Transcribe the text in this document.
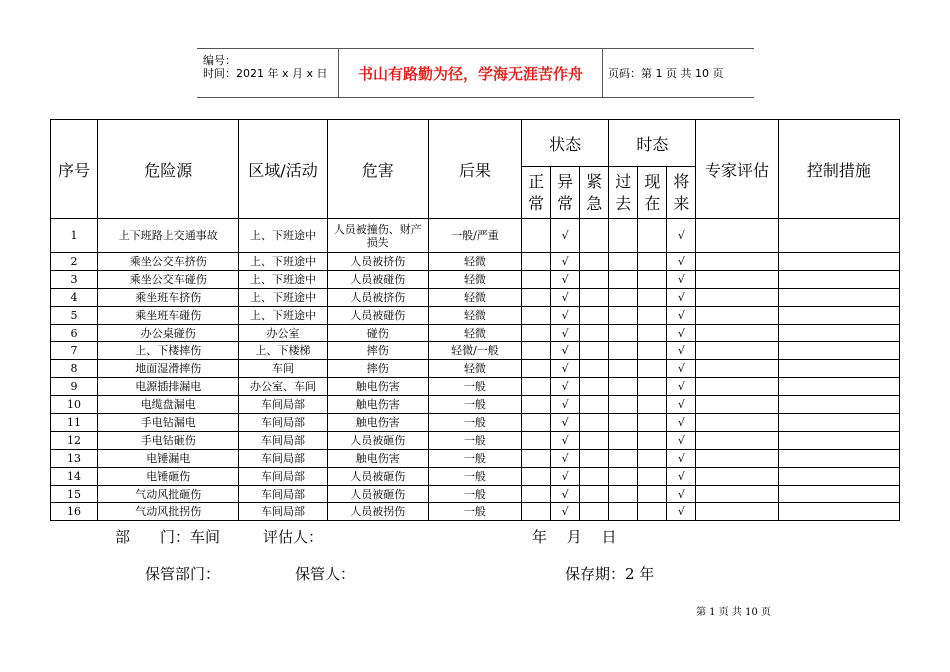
编号：
时间：2021 年 x 月 x 日	书山有路勤为径，学海无涯苦作舟	页码：第 1 页 共 10 页
序号	危险源	区域/活动	危害	后果	状态			时态			专家评估	控制措施

					正常	异常	紧急	过去	现在	将来		

1	上下班路上交通事故	上、下班途中	人员被撞伤、财产损失	一般/严重		√				√		
2	乘坐公交车挤伤	上、下班途中	人员被挤伤	轻微		√				√		
3	乘坐公交车碰伤	上、下班途中	人员被碰伤	轻微		√				√		
4	乘坐班车挤伤	上、下班途中	人员被挤伤	轻微		√				√		
5	乘坐班车碰伤	上、下班途中	人员被碰伤	轻微		√				√		
6	办公桌碰伤	办公室	碰伤	轻微		√				√		
7	上、下楼摔伤	上、下楼梯	摔伤	轻微/一般		√				√		
8	地面湿滑摔伤	车间	摔伤	轻微		√				√		
9	电源插排漏电	办公室、车间	触电伤害	一般		√				√		
10	电缆盘漏电	车间局部	触电伤害	一般		√				√		
11	手电钻漏电	车间局部	触电伤害	一般		√				√		
12	手电钻砸伤	车间局部	人员被砸伤	一般		√				√		
13	电锤漏电	车间局部	触电伤害	一般		√				√		
14	电锤砸伤	车间局部	人员被砸伤	一般		√				√		
15	气动风批砸伤	车间局部	人员被砸伤	一般		√				√		
16	气动风批拐伤	车间局部	人员被拐伤	一般		√				√		
部　　门：车间	评估人：	年　 月　 日
保管部门：	保管人：	保存期：2 年
第 1 页 共 10 页
